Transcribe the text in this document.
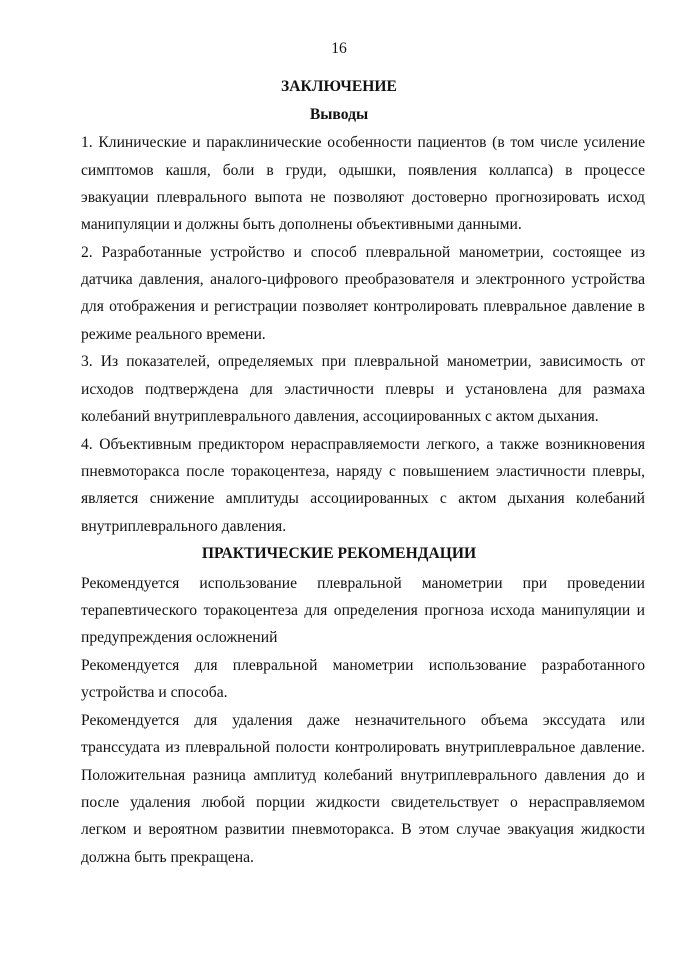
16
ЗАКЛЮЧЕНИЕ
Выводы
1. Клинические и параклинические особенности пациентов (в том числе усиление
симптомов кашля, боли в груди, одышки, появления коллапса) в процессе
эвакуации плеврального выпота не позволяют достоверно прогнозировать исход
манипуляции и должны быть дополнены объективными данными.
2. Разработанные устройство и способ плевральной манометрии, состоящее из
датчика давления, аналого-цифрового преобразователя и электронного устройства
для отображения и регистрации позволяет контролировать плевральное давление в
режиме реального времени.
3. Из показателей, определяемых при плевральной манометрии, зависимость от
исходов подтверждена для эластичности плевры и установлена для размаха
колебаний внутриплеврального давления, ассоциированных с актом дыхания.
4. Объективным предиктором нерасправляемости легкого, а также возникновения
пневмоторакса после торакоцентеза, наряду с повышением эластичности плевры,
является снижение амплитуды ассоциированных с актом дыхания колебаний
внутриплеврального давления.
ПРАКТИЧЕСКИЕ РЕКОМЕНДАЦИИ
Рекомендуется использование плевральной манометрии при проведении
терапевтического торакоцентеза для определения прогноза исхода манипуляции и
предупреждения осложнений
Рекомендуется для плевральной манометрии использование разработанного
устройства и способа.
Рекомендуется для удаления даже незначительного объема экссудата или
транссудата из плевральной полости контролировать внутриплевральное давление.
Положительная разница амплитуд колебаний внутриплеврального давления до и
после удаления любой порции жидкости свидетельствует о нерасправляемом
легком и вероятном развитии пневмоторакса. В этом случае эвакуация жидкости
должна быть прекращена.
